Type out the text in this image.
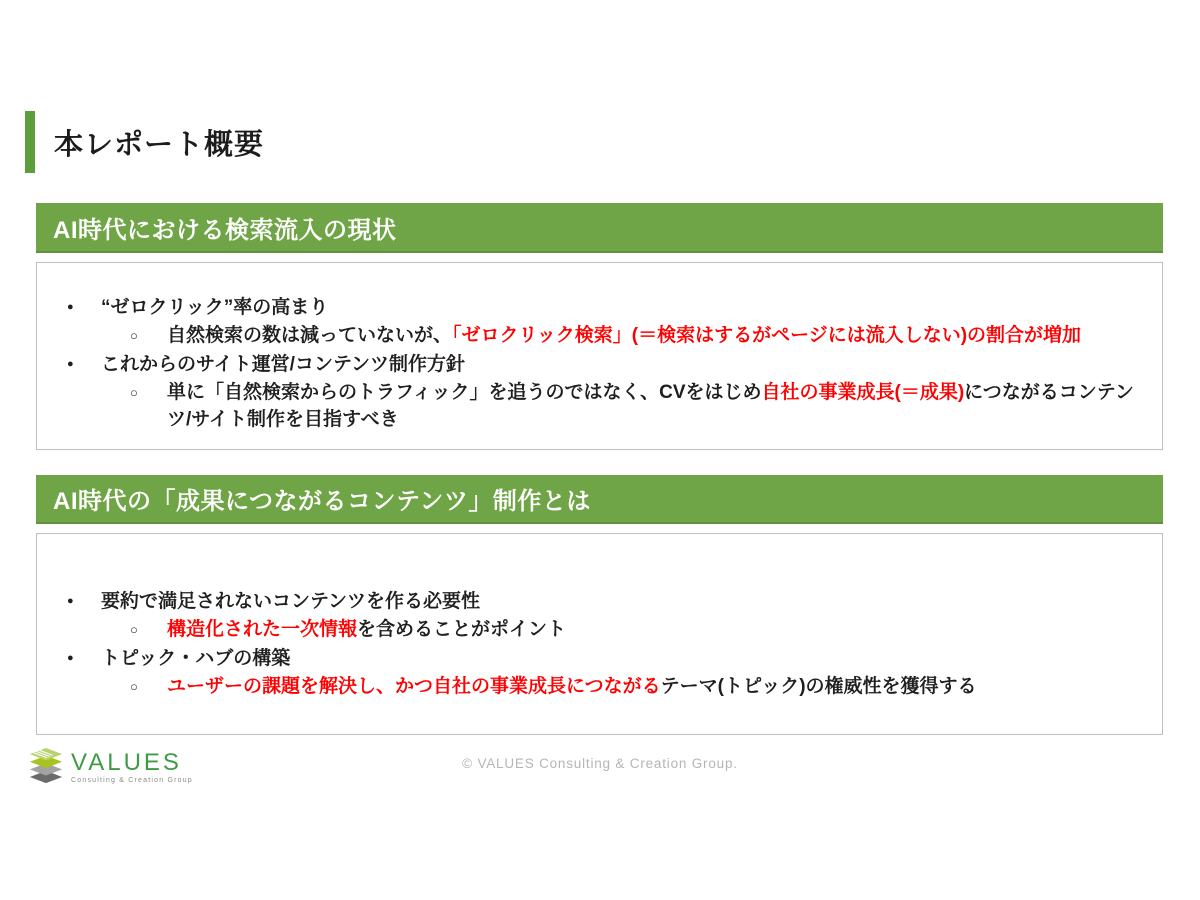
本レポート概要
AI時代における検索流入の現状
●	“ゼロクリック”率の高まり
○	自然検索の数は減っていないが、「ゼロクリック検索」(＝検索はするがページには流入しない)の割合が増加
●	これからのサイト運営/コンテンツ制作方針
○	単に「自然検索からのトラフィック」を追うのではなく、CVをはじめ自社の事業成長(＝成果)につながるコンテンツ/サイト制作を目指すべき
AI時代の「成果につながるコンテンツ」制作とは
●	要約で満足されないコンテンツを作る必要性
○	構造化された一次情報を含めることがポイント
●	トピック・ハブの構築
○	ユーザーの課題を解決し、かつ自社の事業成長につながるテーマ(トピック)の権威性を獲得する
VALUES
Consulting & Creation Group
© VALUES Consulting & Creation Group.
